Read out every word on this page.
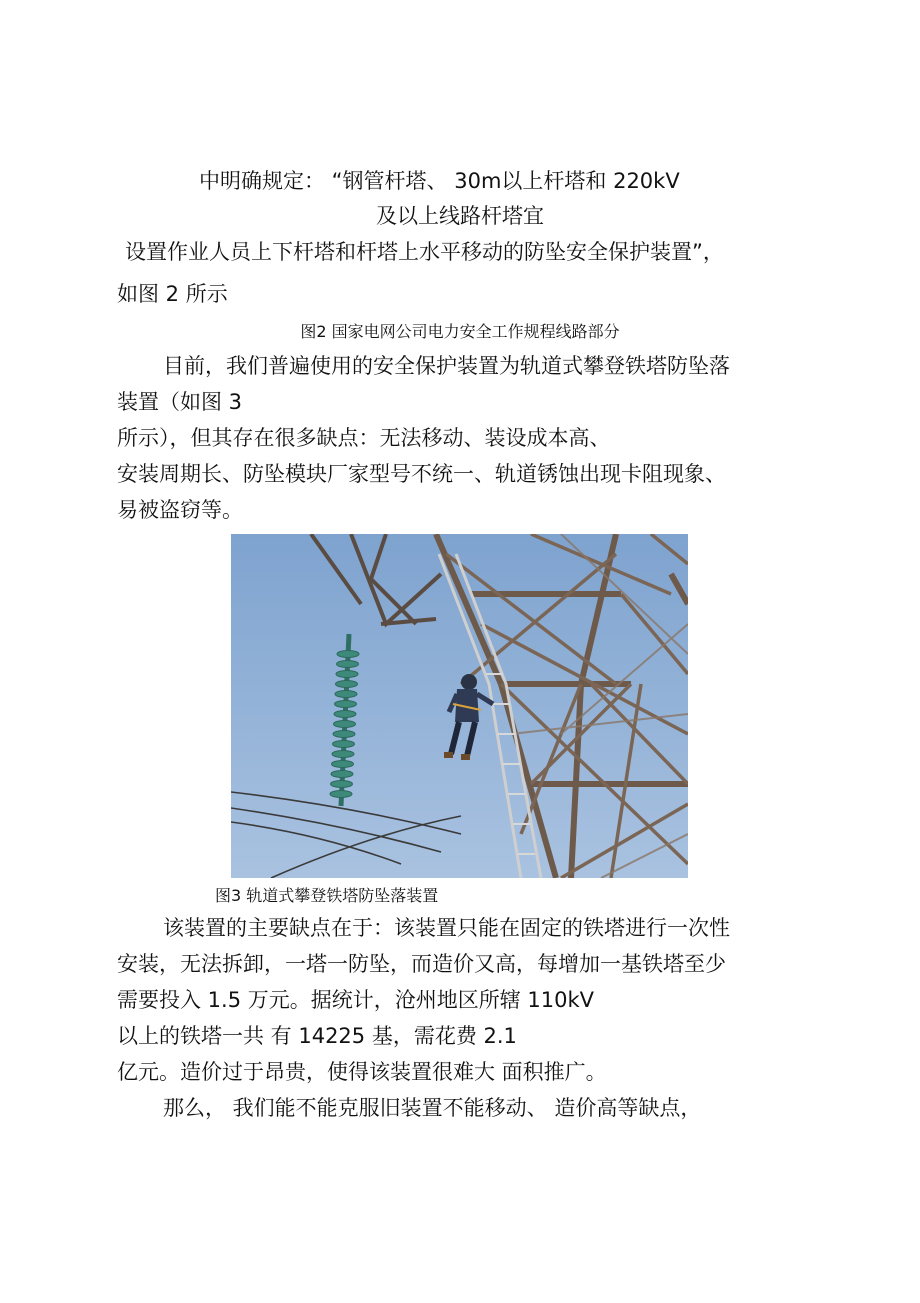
中明确规定： “钢管杆塔、 30m以上杆塔和 220kV
及以上线路杆塔宜
设置作业人员上下杆塔和杆塔上水平移动的防坠安全保护装置”，
如图 2 所示
图2 国家电网公司电力安全工作规程线路部分
目前，我们普遍使用的安全保护装置为轨道式攀登铁塔防坠落
装置（如图 3
所示），但其存在很多缺点：无法移动、装设成本高、
安装周期长、防坠模块厂家型号不统一、轨道锈蚀出现卡阻现象、
易被盗窃等。
图3 轨道式攀登铁塔防坠落装置
该装置的主要缺点在于：该装置只能在固定的铁塔进行一次性
安装，无法拆卸，一塔一防坠，而造价又高，每增加一基铁塔至少
需要投入 1.5 万元。据统计，沧州地区所辖 110kV
以上的铁塔一共 有 14225 基，需花费 2.1
亿元。造价过于昂贵，使得该装置很难大 面积推广。
那么， 我们能不能克服旧装置不能移动、 造价高等缺点，
